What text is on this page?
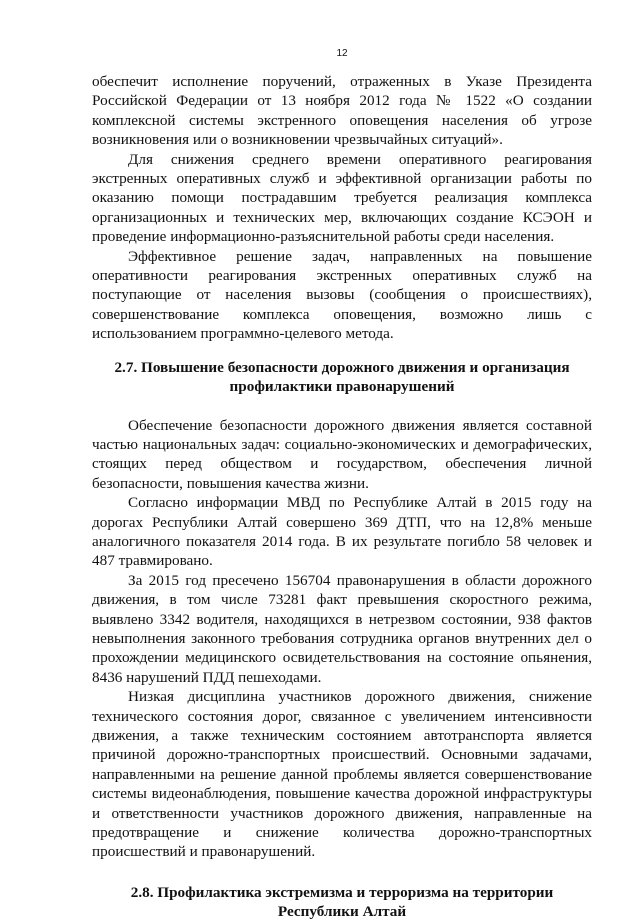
12

обеспечит исполнение поручений, отраженных в Указе Президента Российской Федерации от 13 ноября 2012 года № 1522 «О создании комплексной системы экстренного оповещения населения об угрозе возникновения или о возникновении чрезвычайных ситуаций».

Для снижения среднего времени оперативного реагирования экстренных оперативных служб и эффективной организации работы по оказанию помощи пострадавшим требуется реализация комплекса организационных и технических мер, включающих создание КСЭОН и проведение информационно-разъяснительной работы среди населения.

Эффективное решение задач, направленных на повышение оперативности реагирования экстренных оперативных служб на поступающие от населения вызовы (сообщения о происшествиях), совершенствование комплекса оповещения, возможно лишь с использованием программно-целевого метода.

2.7. Повышение безопасности дорожного движения и организация профилактики правонарушений

Обеспечение безопасности дорожного движения является составной частью национальных задач: социально-экономических и демографических, стоящих перед обществом и государством, обеспечения личной безопасности, повышения качества жизни.

Согласно информации МВД по Республике Алтай в 2015 году на дорогах Республики Алтай совершено 369 ДТП, что на 12,8% меньше аналогичного показателя 2014 года. В их результате погибло 58 человек и 487 травмировано.

За 2015 год пресечено 156704 правонарушения в области дорожного движения, в том числе 73281 факт превышения скоростного режима, выявлено 3342 водителя, находящихся в нетрезвом состоянии, 938 фактов невыполнения законного требования сотрудника органов внутренних дел о прохождении медицинского освидетельствования на состояние опьянения, 8436 нарушений ПДД пешеходами.

Низкая дисциплина участников дорожного движения, снижение технического состояния дорог, связанное с увеличением интенсивности движения, а также техническим состоянием автотранспорта является причиной дорожно-транспортных происшествий. Основными задачами, направленными на решение данной проблемы является совершенствование системы видеонаблюдения, повышение качества дорожной инфраструктуры и ответственности участников дорожного движения, направленные на предотвращение и снижение количества дорожно-транспортных происшествий и правонарушений.

2.8. Профилактика экстремизма и терроризма на территории Республики Алтай
